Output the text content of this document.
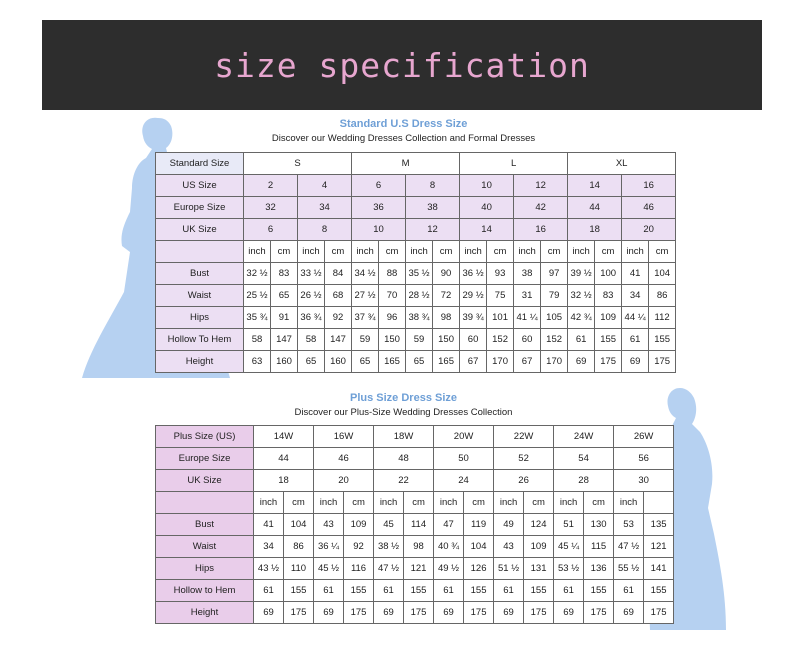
size specification
Standard U.S Dress Size
Discover our Wedding Dresses Collection and Formal Dresses
Standard Size	S				M				L				XL			
US Size	2		4		6		8		10		12		14		16	
Europe Size	32		34		36		38		40		42		44		46	
UK Size	6		8		10		12		14		16		18		20	
	inch	cm	inch	cm	inch	cm	inch	cm	inch	cm	inch	cm	inch	cm	inch	cm
Bust	32 ½	83	33 ½	84	34 ½	88	35 ½	90	36 ½	93	38	97	39 ½	100	41	104
Waist	25 ½	65	26 ½	68	27 ½	70	28 ½	72	29 ½	75	31	79	32 ½	83	34	86
Hips	35 ¾	91	36 ¾	92	37 ¾	96	38 ¾	98	39 ¾	101	41 ¼	105	42 ¾	109	44 ¼	112
Hollow To Hem	58	147	58	147	59	150	59	150	60	152	60	152	61	155	61	155
Height	63	160	65	160	65	165	65	165	67	170	67	170	69	175	69	175
Plus Size Dress Size
Discover our Plus-Size Wedding Dresses Collection
Plus Size (US)	14W		16W		18W		20W		22W		24W		26W	
Europe Size	44		46		48		50		52		54		56	
UK Size	18		20		22		24		26		28		30	
	inch	cm	inch	cm	inch	cm	inch	cm	inch	cm	inch	cm	inch	
Bust	41	104	43	109	45	114	47	119	49	124	51	130	53	135
Waist	34	86	36 ¼	92	38 ½	98	40 ¾	104	43	109	45 ¼	115	47 ½	121
Hips	43 ½	110	45 ½	116	47 ½	121	49 ½	126	51 ½	131	53 ½	136	55 ½	141
Hollow to Hem	61	155	61	155	61	155	61	155	61	155	61	155	61	155
Height	69	175	69	175	69	175	69	175	69	175	69	175	69	175
